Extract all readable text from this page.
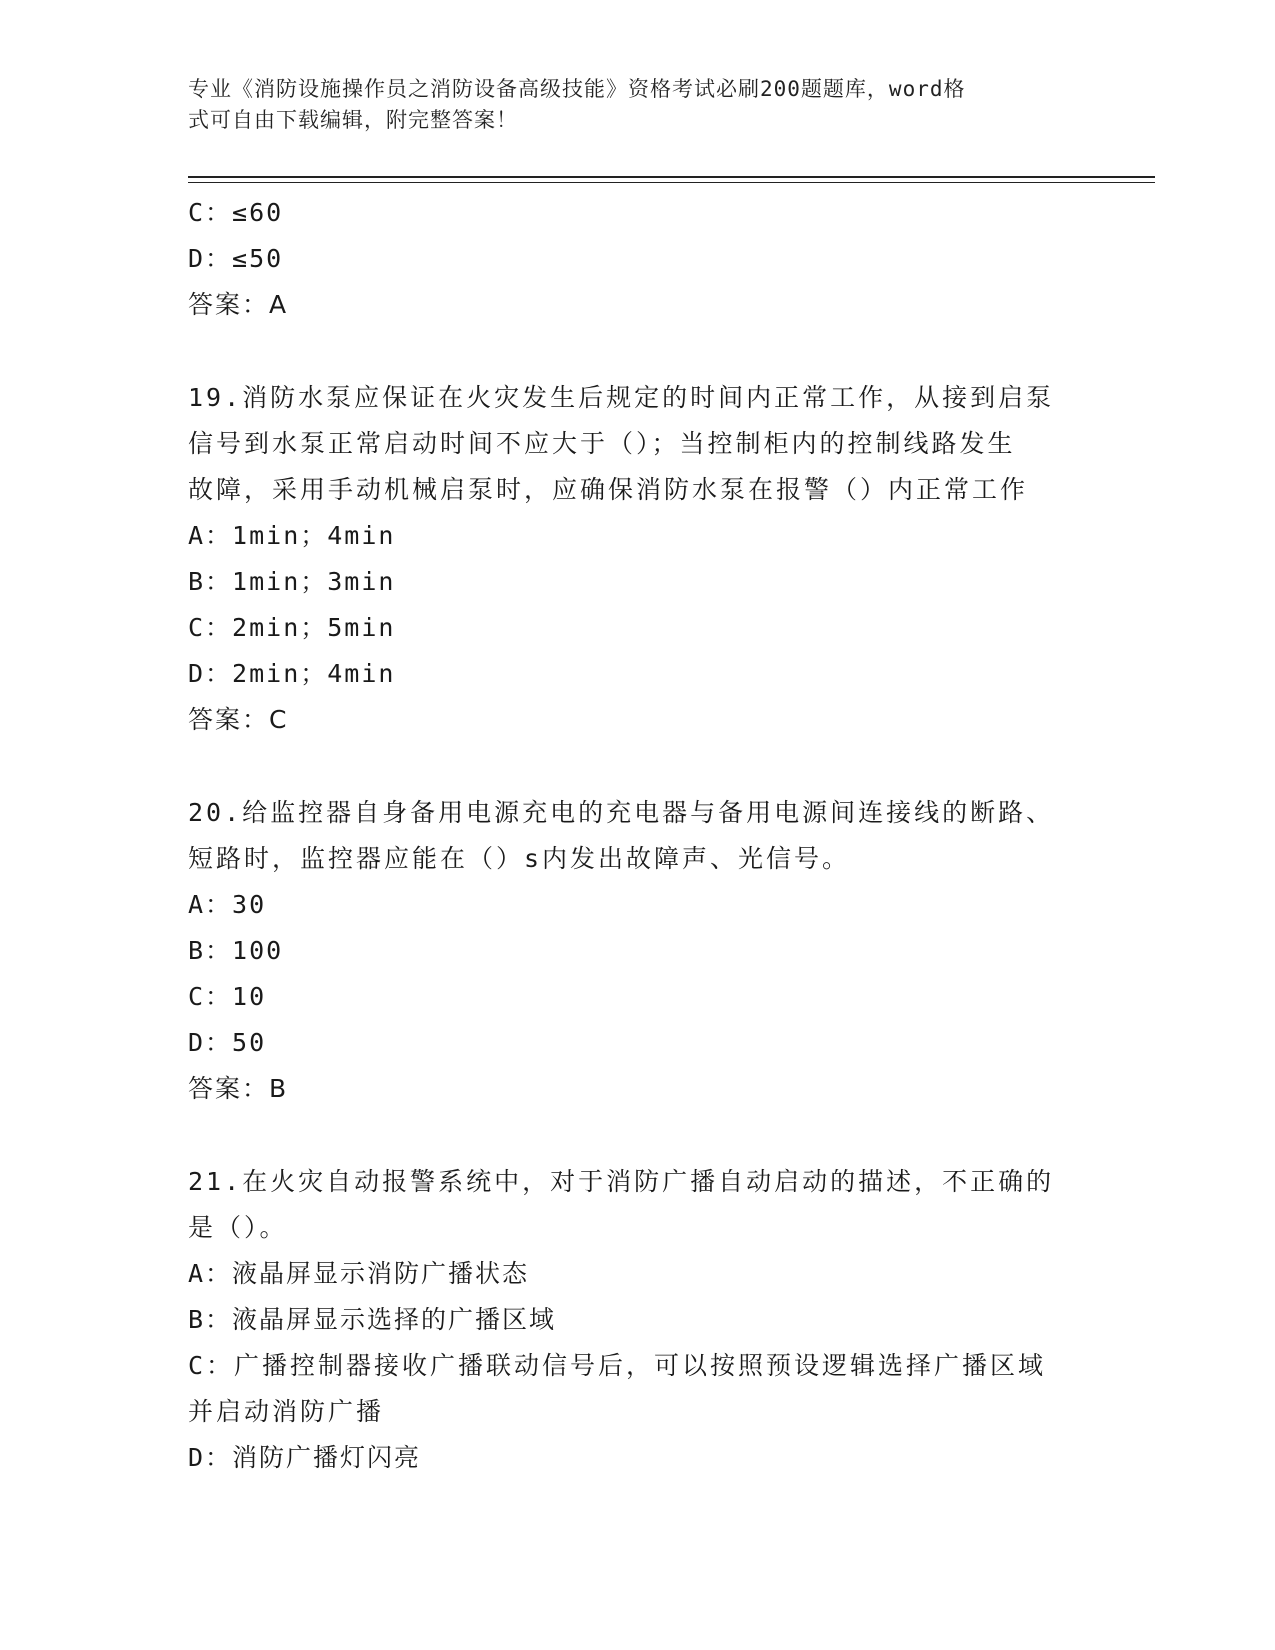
专业《消防设施操作员之消防设备高级技能》资格考试必刷200题题库，word格
式可自由下载编辑，附完整答案！
C：≤60
D：≤50
答案：A
19.消防水泵应保证在火灾发生后规定的时间内正常工作，从接到启泵
信号到水泵正常启动时间不应大于（）；当控制柜内的控制线路发生
故障，采用手动机械启泵时，应确保消防水泵在报警（）内正常工作
A：1min；4min
B：1min；3min
C：2min；5min
D：2min；4min
答案：C
20.给监控器自身备用电源充电的充电器与备用电源间连接线的断路、
短路时，监控器应能在（）s内发出故障声、光信号。
A：30
B：100
C：10
D：50
答案：B
21.在火灾自动报警系统中，对于消防广播自动启动的描述，不正确的
是（）。
A：液晶屏显示消防广播状态
B：液晶屏显示选择的广播区域
C：广播控制器接收广播联动信号后，可以按照预设逻辑选择广播区域
并启动消防广播
D：消防广播灯闪亮
